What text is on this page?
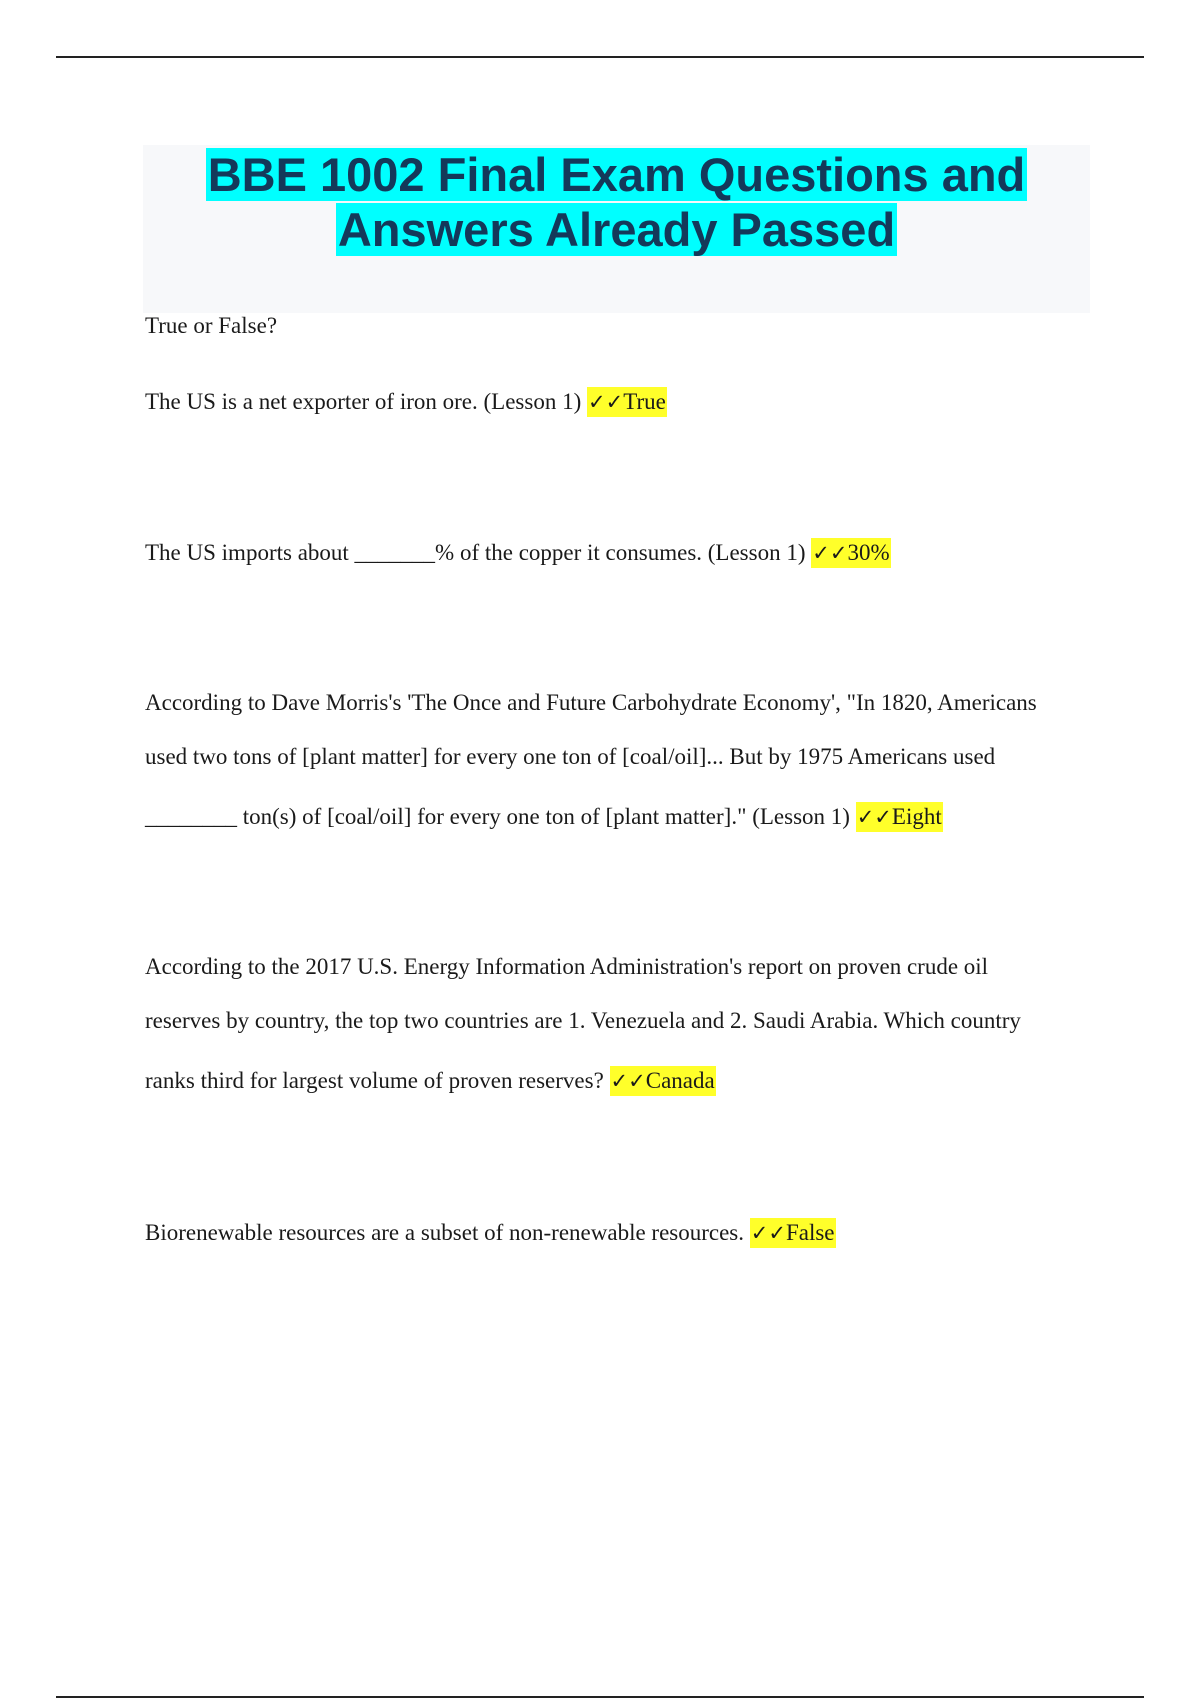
BBE 1002 Final Exam Questions and
Answers Already Passed
True or False?
The US is a net exporter of iron ore. (Lesson 1) ✓✓True
The US imports about _______% of the copper it consumes. (Lesson 1) ✓✓30%
According to Dave Morris's 'The Once and Future Carbohydrate Economy', "In 1820, Americans
used two tons of [plant matter] for every one ton of [coal/oil]... But by 1975 Americans used
________ ton(s) of [coal/oil] for every one ton of [plant matter]." (Lesson 1) ✓✓Eight
According to the 2017 U.S. Energy Information Administration's report on proven crude oil
reserves by country, the top two countries are 1. Venezuela and 2. Saudi Arabia. Which country
ranks third for largest volume of proven reserves? ✓✓Canada
Biorenewable resources are a subset of non-renewable resources. ✓✓False
